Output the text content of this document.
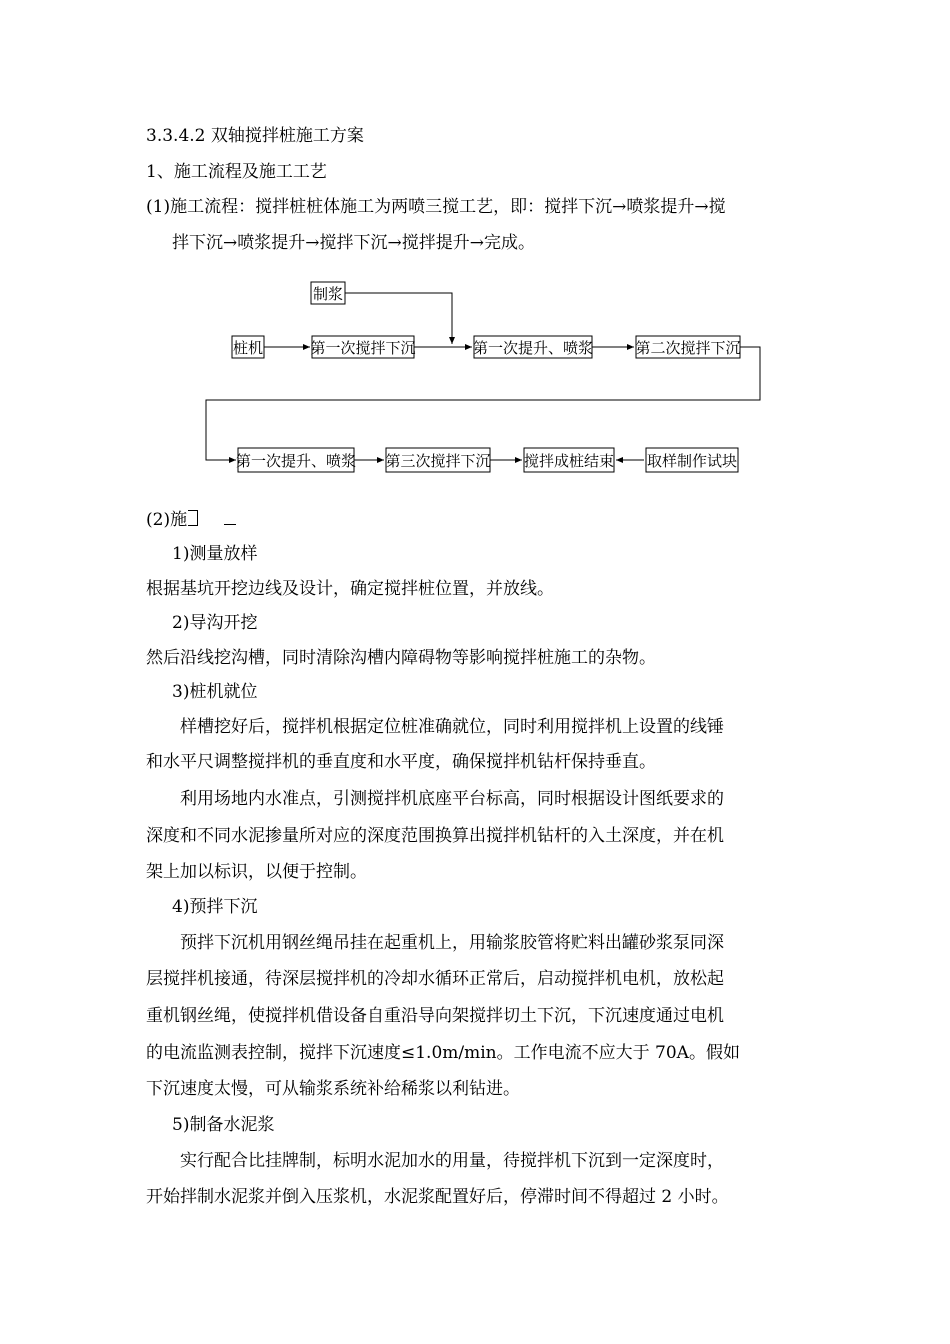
3.3.4.2 双轴搅拌桩施工方案
1、施工流程及施工工艺
(1)施工流程：搅拌桩桩体施工为两喷三搅工艺，即：搅拌下沉→喷浆提升→搅
拌下沉→喷浆提升→搅拌下沉→搅拌提升→完成。
制浆
桩机	第一次搅拌下沉	第一次提升、喷浆	第二次搅拌下沉
第一次提升、喷浆 第三次搅拌下沉 搅拌成桩结束 取样制作试块
(2)施
1)测量放样
根据基坑开挖边线及设计，确定搅拌桩位置，并放线。
2)导沟开挖
然后沿线挖沟槽，同时清除沟槽内障碍物等影响搅拌桩施工的杂物。
3)桩机就位
样槽挖好后，搅拌机根据定位桩准确就位，同时利用搅拌机上设置的线锤
和水平尺调整搅拌机的垂直度和水平度，确保搅拌机钻杆保持垂直。
利用场地内水准点，引测搅拌机底座平台标高，同时根据设计图纸要求的
深度和不同水泥掺量所对应的深度范围换算出搅拌机钻杆的入土深度，并在机
架上加以标识，以便于控制。
4)预拌下沉
预拌下沉机用钢丝绳吊挂在起重机上，用输浆胶管将贮料出罐砂浆泵同深
层搅拌机接通，待深层搅拌机的冷却水循环正常后，启动搅拌机电机，放松起
重机钢丝绳，使搅拌机借设备自重沿导向架搅拌切土下沉，下沉速度通过电机
的电流监测表控制，搅拌下沉速度≤1.0m/min。工作电流不应大于 70A。假如
下沉速度太慢，可从输浆系统补给稀浆以利钻进。
5)制备水泥浆
实行配合比挂牌制，标明水泥加水的用量，待搅拌机下沉到一定深度时，
开始拌制水泥浆并倒入压浆机，水泥浆配置好后，停滞时间不得超过 2 小时。
